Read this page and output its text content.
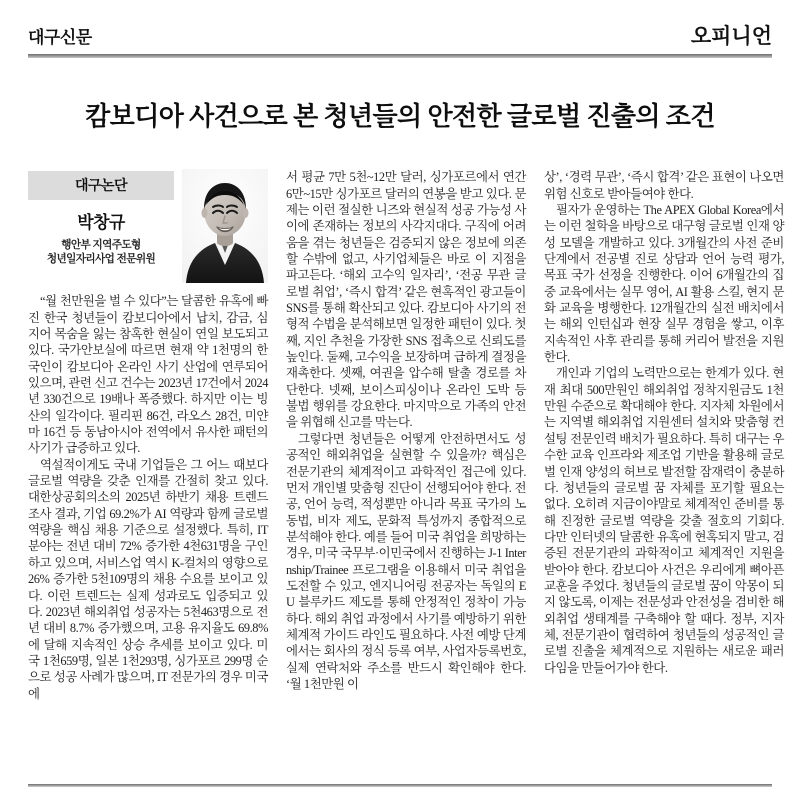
대구신문	오피니언
캄보디아 사건으로 본 청년들의 안전한 글로벌 진출의 조건
대구논단
박창규
행안부 지역주도형
청년일자리사업 전문위원

“월 천만원을 벌 수 있다”는 달콤한 유혹에 빠진 한국 청년들이 캄보디아에서 납치, 감금, 심지어 목숨을 잃는 참혹한 현실이 연일 보도되고 있다. 국가안보실에 따르면 현재 약 1천명의 한국인이 캄보디아 온라인 사기 산업에 연루되어 있으며, 관련 신고 건수는 2023년 17건에서 2024년 330건으로 19배나 폭증했다. 하지만 이는 빙산의 일각이다. 필리핀 86건, 라오스 28건, 미얀마 16건 등 동남아시아 전역에서 유사한 패턴의 사기가 급증하고 있다.

역설적이게도 국내 기업들은 그 어느 때보다 글로벌 역량을 갖춘 인재를 간절히 찾고 있다. 대한상공회의소의 2025년 하반기 채용 트렌드 조사 결과, 기업 69.2%가 AI 역량과 함께 글로벌 역량을 핵심 채용 기준으로 설정했다. 특히, IT 분야는 전년 대비 72% 증가한 4천631명을 구인하고 있으며, 서비스업 역시 K-컬처의 영향으로 26% 증가한 5천109명의 채용 수요를 보이고 있다. 이런 트렌드는 실제 성과로도 입증되고 있다. 2023년 해외취업 성공자는 5천463명으로 전년 대비 8.7% 증가했으며, 고용 유지율도 69.8%에 달해 지속적인 상승 추세를 보이고 있다. 미국 1천659명, 일본 1천293명, 싱가포르 299명 순으로 성공 사례가 많으며, IT 전문가의 경우 미국에

서 평균 7만 5천~12만 달러, 싱가포르에서 연간 6만~15만 싱가포르 달러의 연봉을 받고 있다. 문제는 이런 절실한 니즈와 현실적 성공 가능성 사이에 존재하는 정보의 사각지대다. 구직에 어려움을 겪는 청년들은 검증되지 않은 정보에 의존할 수밖에 없고, 사기업체들은 바로 이 지점을 파고든다. ‘해외 고수익 일자리’, ‘전공 무관 글로벌 취업’, ‘즉시 합격’ 같은 현혹적인 광고들이 SNS를 통해 확산되고 있다. 캄보디아 사기의 전형적 수법을 분석해보면 일정한 패턴이 있다. 첫째, 지인 추천을 가장한 SNS 접촉으로 신뢰도를 높인다. 둘째, 고수익을 보장하며 급하게 결정을 재촉한다. 셋째, 여권을 압수해 탈출 경로를 차단한다. 넷째, 보이스피싱이나 온라인 도박 등 불법 행위를 강요한다. 마지막으로 가족의 안전을 위협해 신고를 막는다.

그렇다면 청년들은 어떻게 안전하면서도 성공적인 해외취업을 실현할 수 있을까? 핵심은 전문기관의 체계적이고 과학적인 접근에 있다. 먼저 개인별 맞춤형 진단이 선행되어야 한다. 전공, 언어 능력, 적성뿐만 아니라 목표 국가의 노동법, 비자 제도, 문화적 특성까지 종합적으로 분석해야 한다. 예를 들어 미국 취업을 희망하는 경우, 미국 국무부·이민국에서 진행하는 J-1 Internship/Trainee 프로그램을 이용해서 미국 취업을 도전할 수 있고, 엔지니어링 전공자는 독일의 EU 블루카드 제도를 통해 안정적인 정착이 가능하다. 해외 취업 과정에서 사기를 예방하기 위한 체계적 가이드 라인도 필요하다. 사전 예방 단계에서는 회사의 정식 등록 여부, 사업자등록번호, 실제 연락처와 주소를 반드시 확인해야 한다. ‘월 1천만원 이

상’, ‘경력 무관’, ‘즉시 합격’ 같은 표현이 나오면 위험 신호로 받아들여야 한다.

필자가 운영하는 The APEX Global Korea에서는 이런 철학을 바탕으로 대구형 글로벌 인재 양성 모델을 개발하고 있다. 3개월간의 사전 준비 단계에서 전공별 진로 상담과 언어 능력 평가, 목표 국가 선정을 진행한다. 이어 6개월간의 집중 교육에서는 실무 영어, AI 활용 스킬, 현지 문화 교육을 병행한다. 12개월간의 실전 배치에서는 해외 인턴십과 현장 실무 경험을 쌓고, 이후 지속적인 사후 관리를 통해 커리어 발전을 지원한다.

개인과 기업의 노력만으로는 한계가 있다. 현재 최대 500만원인 해외취업 정착지원금도 1천만원 수준으로 확대해야 한다. 지자체 차원에서는 지역별 해외취업 지원센터 설치와 맞춤형 컨설팅 전문인력 배치가 필요하다. 특히 대구는 우수한 교육 인프라와 제조업 기반을 활용해 글로벌 인재 양성의 허브로 발전할 잠재력이 충분하다. 청년들의 글로벌 꿈 자체를 포기할 필요는 없다. 오히려 지금이야말로 체계적인 준비를 통해 진정한 글로벌 역량을 갖출 절호의 기회다. 다만 인터넷의 달콤한 유혹에 현혹되지 말고, 검증된 전문기관의 과학적이고 체계적인 지원을 받아야 한다. 캄보디아 사건은 우리에게 뼈아픈 교훈을 주었다. 청년들의 글로벌 꿈이 악몽이 되지 않도록, 이제는 전문성과 안전성을 겸비한 해외취업 생태계를 구축해야 할 때다. 정부, 지자체, 전문기관이 협력하여 청년들의 성공적인 글로벌 진출을 체계적으로 지원하는 새로운 패러다임을 만들어가야 한다.
